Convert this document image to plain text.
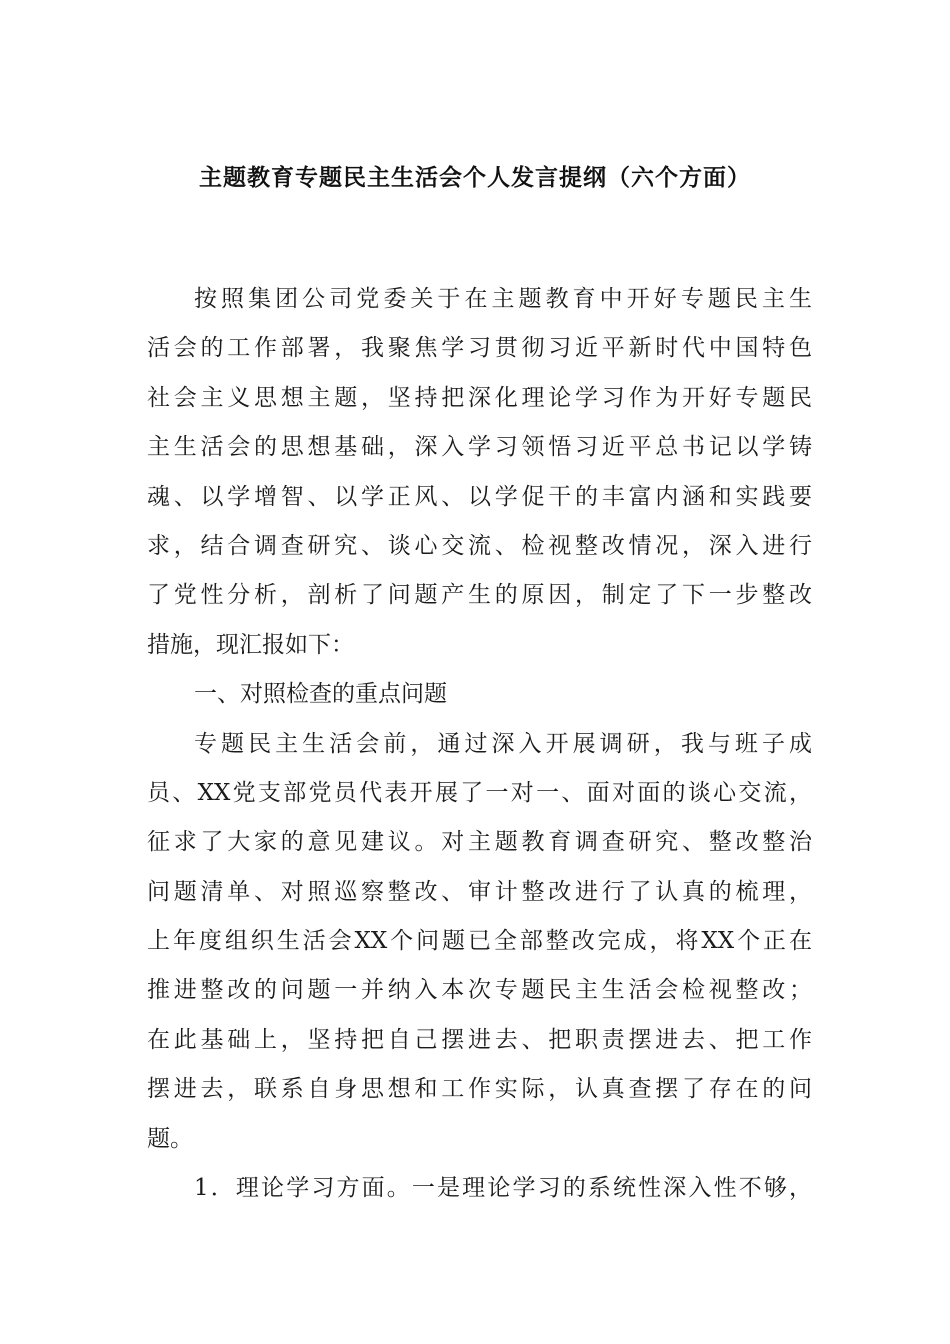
主题教育专题民主生活会个人发言提纲（六个方面）
按照集团公司党委关于在主题教育中开好专题民主生
活会的工作部署，我聚焦学习贯彻习近平新时代中国特色
社会主义思想主题，坚持把深化理论学习作为开好专题民
主生活会的思想基础，深入学习领悟习近平总书记以学铸
魂、以学增智、以学正风、以学促干的丰富内涵和实践要
求，结合调查研究、谈心交流、检视整改情况，深入进行
了党性分析，剖析了问题产生的原因，制定了下一步整改
措施，现汇报如下：
一、对照检查的重点问题
专题民主生活会前，通过深入开展调研，我与班子成
员、XX党支部党员代表开展了一对一、面对面的谈心交流，
征求了大家的意见建议。对主题教育调查研究、整改整治
问题清单、对照巡察整改、审计整改进行了认真的梳理，
上年度组织生活会XX个问题已全部整改完成，将XX个正在
推进整改的问题一并纳入本次专题民主生活会检视整改；
在此基础上，坚持把自己摆进去、把职责摆进去、把工作
摆进去，联系自身思想和工作实际，认真查摆了存在的问
题。
1．理论学习方面。一是理论学习的系统性深入性不够，
